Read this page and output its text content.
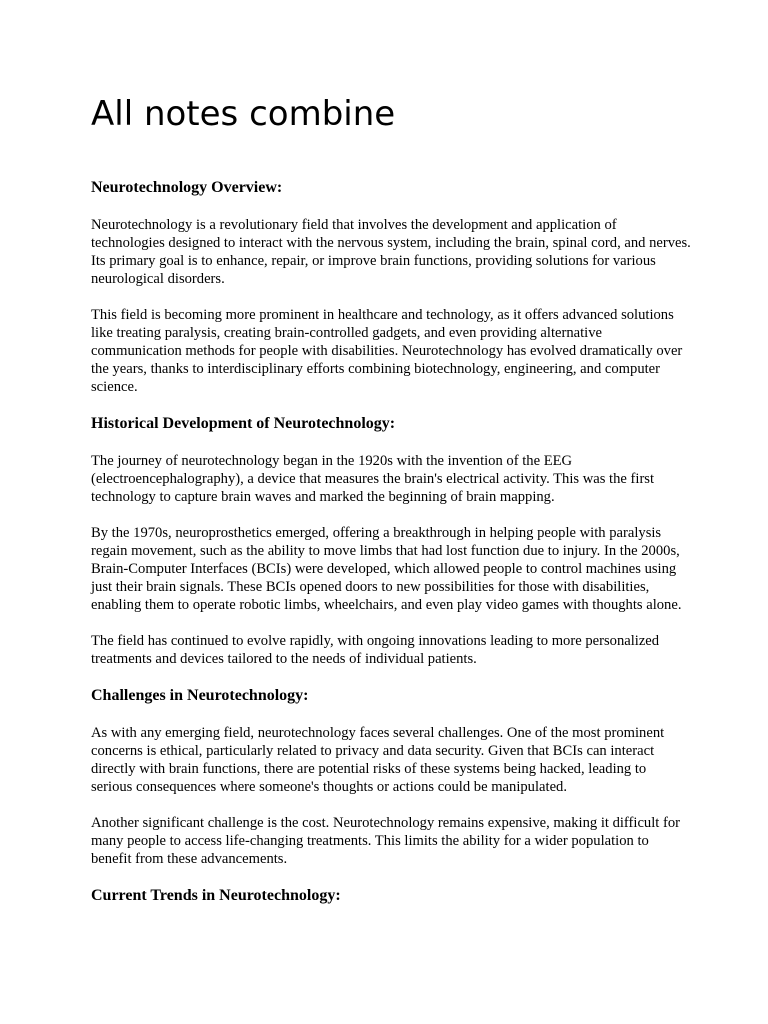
All notes combine
Neurotechnology Overview:

Neurotechnology is a revolutionary field that involves the development and application of technologies designed to interact with the nervous system, including the brain, spinal cord, and nerves. Its primary goal is to enhance, repair, or improve brain functions, providing solutions for various neurological disorders.

This field is becoming more prominent in healthcare and technology, as it offers advanced solutions like treating paralysis, creating brain-controlled gadgets, and even providing alternative communication methods for people with disabilities. Neurotechnology has evolved dramatically over the years, thanks to interdisciplinary efforts combining biotechnology, engineering, and computer science.

Historical Development of Neurotechnology:

The journey of neurotechnology began in the 1920s with the invention of the EEG (electroencephalography), a device that measures the brain's electrical activity. This was the first technology to capture brain waves and marked the beginning of brain mapping.

By the 1970s, neuroprosthetics emerged, offering a breakthrough in helping people with paralysis regain movement, such as the ability to move limbs that had lost function due to injury. In the 2000s, Brain-Computer Interfaces (BCIs) were developed, which allowed people to control machines using just their brain signals. These BCIs opened doors to new possibilities for those with disabilities, enabling them to operate robotic limbs, wheelchairs, and even play video games with thoughts alone.

The field has continued to evolve rapidly, with ongoing innovations leading to more personalized treatments and devices tailored to the needs of individual patients.

Challenges in Neurotechnology:

As with any emerging field, neurotechnology faces several challenges. One of the most prominent concerns is ethical, particularly related to privacy and data security. Given that BCIs can interact directly with brain functions, there are potential risks of these systems being hacked, leading to serious consequences where someone's thoughts or actions could be manipulated.

Another significant challenge is the cost. Neurotechnology remains expensive, making it difficult for many people to access life-changing treatments. This limits the ability for a wider population to benefit from these advancements.

Current Trends in Neurotechnology:
